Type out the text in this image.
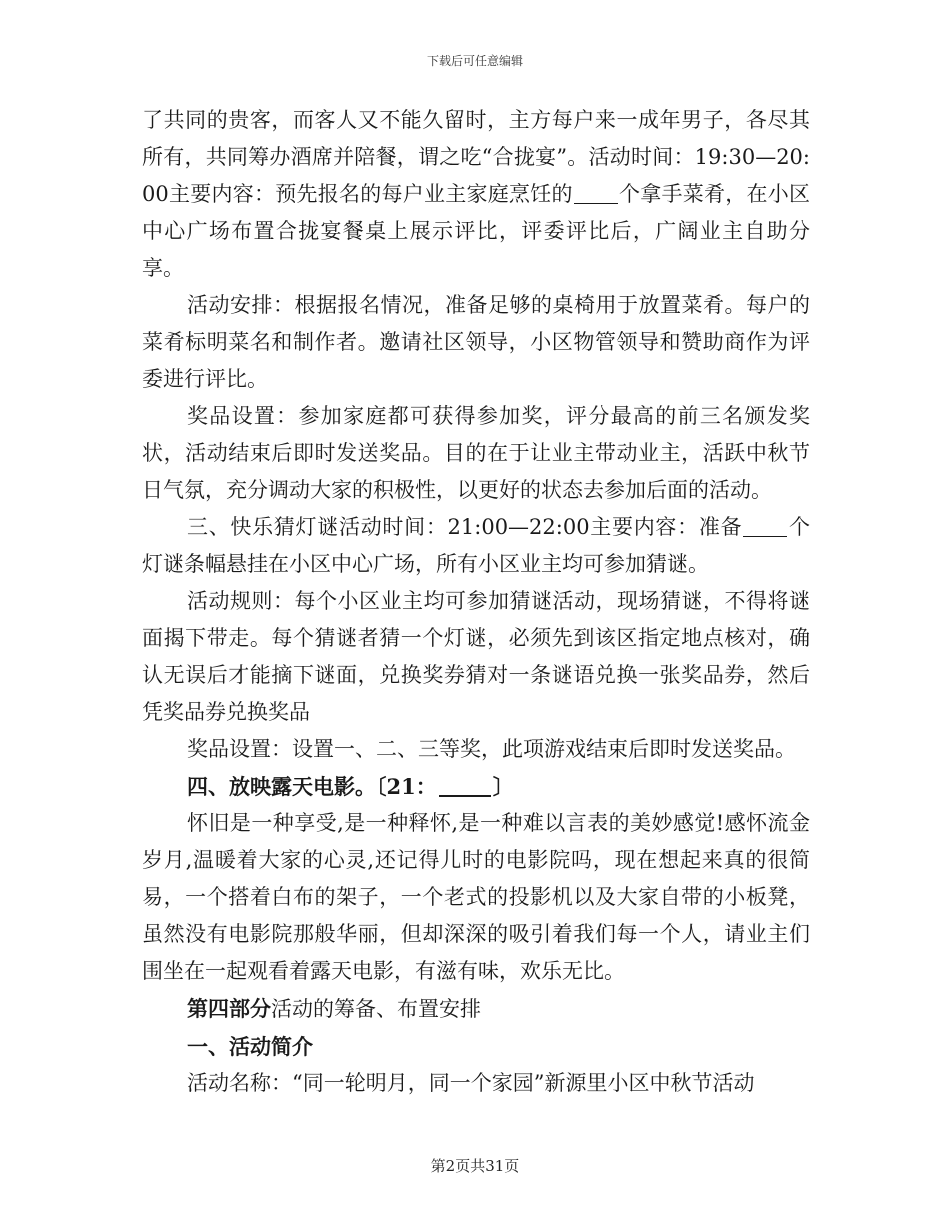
下载后可任意编辑

了共同的贵客，而客人又不能久留时，主方每户来一成年男子，各尽其所有，共同筹办酒席并陪餐，谓之吃“合拢宴”。活动时间：19:30—20:00主要内容：预先报名的每户业主家庭烹饪的 个拿手菜肴，在小区中心广场布置合拢宴餐桌上展示评比，评委评比后，广阔业主自助分享。

活动安排：根据报名情况，准备足够的桌椅用于放置菜肴。每户的菜肴标明菜名和制作者。邀请社区领导，小区物管领导和赞助商作为评委进行评比。

奖品设置：参加家庭都可获得参加奖，评分最高的前三名颁发奖状，活动结束后即时发送奖品。目的在于让业主带动业主，活跃中秋节日气氛，充分调动大家的积极性，以更好的状态去参加后面的活动。

三、快乐猜灯谜活动时间：21:00—22:00主要内容：准备 个灯谜条幅悬挂在小区中心广场，所有小区业主均可参加猜谜。

活动规则：每个小区业主均可参加猜谜活动，现场猜谜，不得将谜面揭下带走。每个猜谜者猜一个灯谜，必须先到该区指定地点核对，确认无误后才能摘下谜面，兑换奖券猜对一条谜语兑换一张奖品券，然后凭奖品券兑换奖品

奖品设置：设置一、二、三等奖，此项游戏结束后即时发送奖品。

四、放映露天电影。〔21：	〕

怀旧是一种享受,是一种释怀,是一种难以言表的美妙感觉!感怀流金岁月,温暖着大家的心灵,还记得儿时的电影院吗，现在想起来真的很简易，一个搭着白布的架子，一个老式的投影机以及大家自带的小板凳，虽然没有电影院那般华丽，但却深深的吸引着我们每一个人，请业主们围坐在一起观看着露天电影，有滋有味，欢乐无比。

第四部分活动的筹备、布置安排

一、活动简介

活动名称：“同一轮明月，同一个家园”新源里小区中秋节活动

第2页共31页
